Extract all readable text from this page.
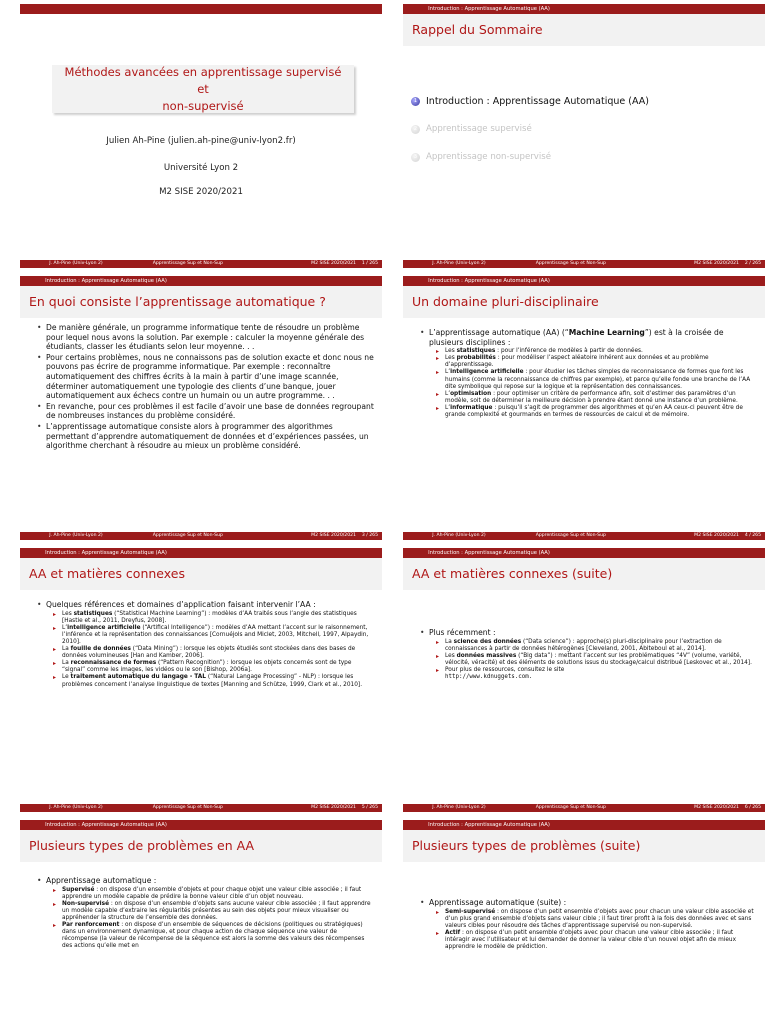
Méthodes avancées en apprentissage supervisé et
non-supervisé
Julien Ah-Pine (julien.ah-pine@univ-lyon2.fr)
Université Lyon 2
M2 SISE 2020/2021
J. Ah-Pine (Univ-Lyon 2)	Apprentissage Sup et Non-Sup	M2 SISE 2020/2021 1 / 265
Introduction : Apprentissage Automatique (AA)
Rappel du Sommaire
1 Introduction : Apprentissage Automatique (AA)
2	Apprentissage supervisé
3	Apprentissage non-supervisé
J. Ah-Pine (Univ-Lyon 2)	Apprentissage Sup et Non-Sup	M2 SISE 2020/2021 2 / 265
Introduction : Apprentissage Automatique (AA)
En quoi consiste l’apprentissage automatique ?
• De manière générale, un programme informatique tente de résoudre un problème pour lequel nous avons la solution. Par exemple : calculer la moyenne générale des étudiants, classer les étudiants selon leur moyenne. . .
• Pour certains problèmes, nous ne connaissons pas de solution exacte et donc nous ne pouvons pas écrire de programme informatique. Par exemple : reconnaître automatiquement des chiffres écrits à la main à partir d’une image scannée, déterminer automatiquement une typologie des clients d’une banque, jouer automatiquement aux échecs contre un humain ou un autre programme. . .
• En revanche, pour ces problèmes il est facile d’avoir une base de données regroupant de nombreuses instances du problème considéré.
• L’apprentissage automatique consiste alors à programmer des algorithmes permettant d’apprendre automatiquement de données et d’expériences passées, un algorithme cherchant à résoudre au mieux un problème considéré.
J. Ah-Pine (Univ-Lyon 2)	Apprentissage Sup et Non-Sup	M2 SISE 2020/2021 3 / 265
Introduction : Apprentissage Automatique (AA)
Un domaine pluri-disciplinaire
• L’apprentissage automatique (AA) (“Machine Learning”) est à la croisée de plusieurs disciplines :
▸ Les statistiques : pour l’inférence de modèles à partir de données.
▸ Les probabilités : pour modéliser l’aspect aléatoire inhérent aux données et au problème d’apprentissage.
▸ L’intelligence artificielle : pour étudier les tâches simples de reconnaissance de formes que font les humains (comme la reconnaissance de chiffres par exemple), et parce qu’elle fonde une branche de l’AA dite symbolique qui repose sur la logique et la représentation des connaissances.
▸ L’optimisation : pour optimiser un critère de performance afin, soit d’estimer des paramètres d’un modèle, soit de déterminer la meilleure décision à prendre étant donné une instance d’un problème.
▸ L’informatique : puisqu’il s’agit de programmer des algorithmes et qu’en AA ceux-ci peuvent être de grande complexité et gourmands en termes de ressources de calcul et de mémoire.
J. Ah-Pine (Univ-Lyon 2)	Apprentissage Sup et Non-Sup	M2 SISE 2020/2021 4 / 265
Introduction : Apprentissage Automatique (AA)
AA et matières connexes
• Quelques références et domaines d’application faisant intervenir l’AA :
▸ Les statistiques (“Statistical Machine Learning”) : modèles d’AA traités sous l’angle des statistiques [Hastie et al., 2011, Dreyfus, 2008].
▸ L’intelligence artificielle (“Artifical Intelligence”) : modèles d’AA mettant l’accent sur le raisonnement, l’inférence et la représentation des connaissances [Cornuéjols and Miclet, 2003, Mitchell, 1997, Alpaydin, 2010].
▸ La fouille de données (“Data Mining”) : lorsque les objets étudiés sont stockées dans des bases de données volumineuses [Han and Kamber, 2006].
▸ La reconnaissance de formes (“Pattern Recognition”) : lorsque les objets concernés sont de type “signal” comme les images, les vidéos ou le son [Bishop, 2006a].
▸ Le traitement automatique du langage - TAL (“Natural Langage Processing” - NLP) : lorsque les problèmes concernent l’analyse linguistique de textes [Manning and Schütze, 1999, Clark et al., 2010].
J. Ah-Pine (Univ-Lyon 2)	Apprentissage Sup et Non-Sup	M2 SISE 2020/2021 5 / 265
Introduction : Apprentissage Automatique (AA)
AA et matières connexes (suite)
• Plus récemment :
▸ La science des données (“Data science”) : approche(s) pluri-disciplinaire pour l’extraction de connaissances à partir de données hétérogènes [Cleveland, 2001, Abiteboul et al., 2014].
▸ Les données massives (“Big data”) : mettant l’accent sur les problématiques “4V” (volume, variété, vélocité, véracité) et des éléments de solutions issus du stockage/calcul distribué [Leskovec et al., 2014].
▸ Pour plus de ressources, consultez le site
http://www.kdnuggets.com.
J. Ah-Pine (Univ-Lyon 2)	Apprentissage Sup et Non-Sup	M2 SISE 2020/2021 6 / 265
Introduction : Apprentissage Automatique (AA)
Plusieurs types de problèmes en AA
• Apprentissage automatique :
▸ Supervisé : on dispose d’un ensemble d’objets et pour chaque objet une valeur cible associée ; il faut apprendre un modèle capable de prédire la bonne valeur cible d’un objet nouveau.
▸ Non-supervisé : on dispose d’un ensemble d’objets sans aucune valeur cible associée ; il faut apprendre un modèle capable d’extraire les régularités présentes au sein des objets pour mieux visualiser ou appréhender la structure de l’ensemble des données.
▸ Par renforcement : on dispose d’un ensemble de séquences de décisions (politiques ou stratégiques) dans un environnement dynamique, et pour chaque action de chaque séquence une valeur de récompense (la valeur de récompense de la séquence est alors la somme des valeurs des récompenses des actions qu’elle met en
Introduction : Apprentissage Automatique (AA)
Plusieurs types de problèmes (suite)
• Apprentissage automatique (suite) :
▸ Semi-supervisé : on dispose d’un petit ensemble d’objets avec pour chacun une valeur cible associée et d’un plus grand ensemble d’objets sans valeur cible ; il faut tirer profit à la fois des données avec et sans valeurs cibles pour résoudre des tâches d’apprentissage supervisé ou non-supervisé.
▸ Actif : on dispose d’un petit ensemble d’objets avec pour chacun une valeur cible associée ; il faut intéragir avec l’utilisateur et lui demander de donner la valeur cible d’un nouvel objet afin de mieux apprendre le modèle de prédiction.
